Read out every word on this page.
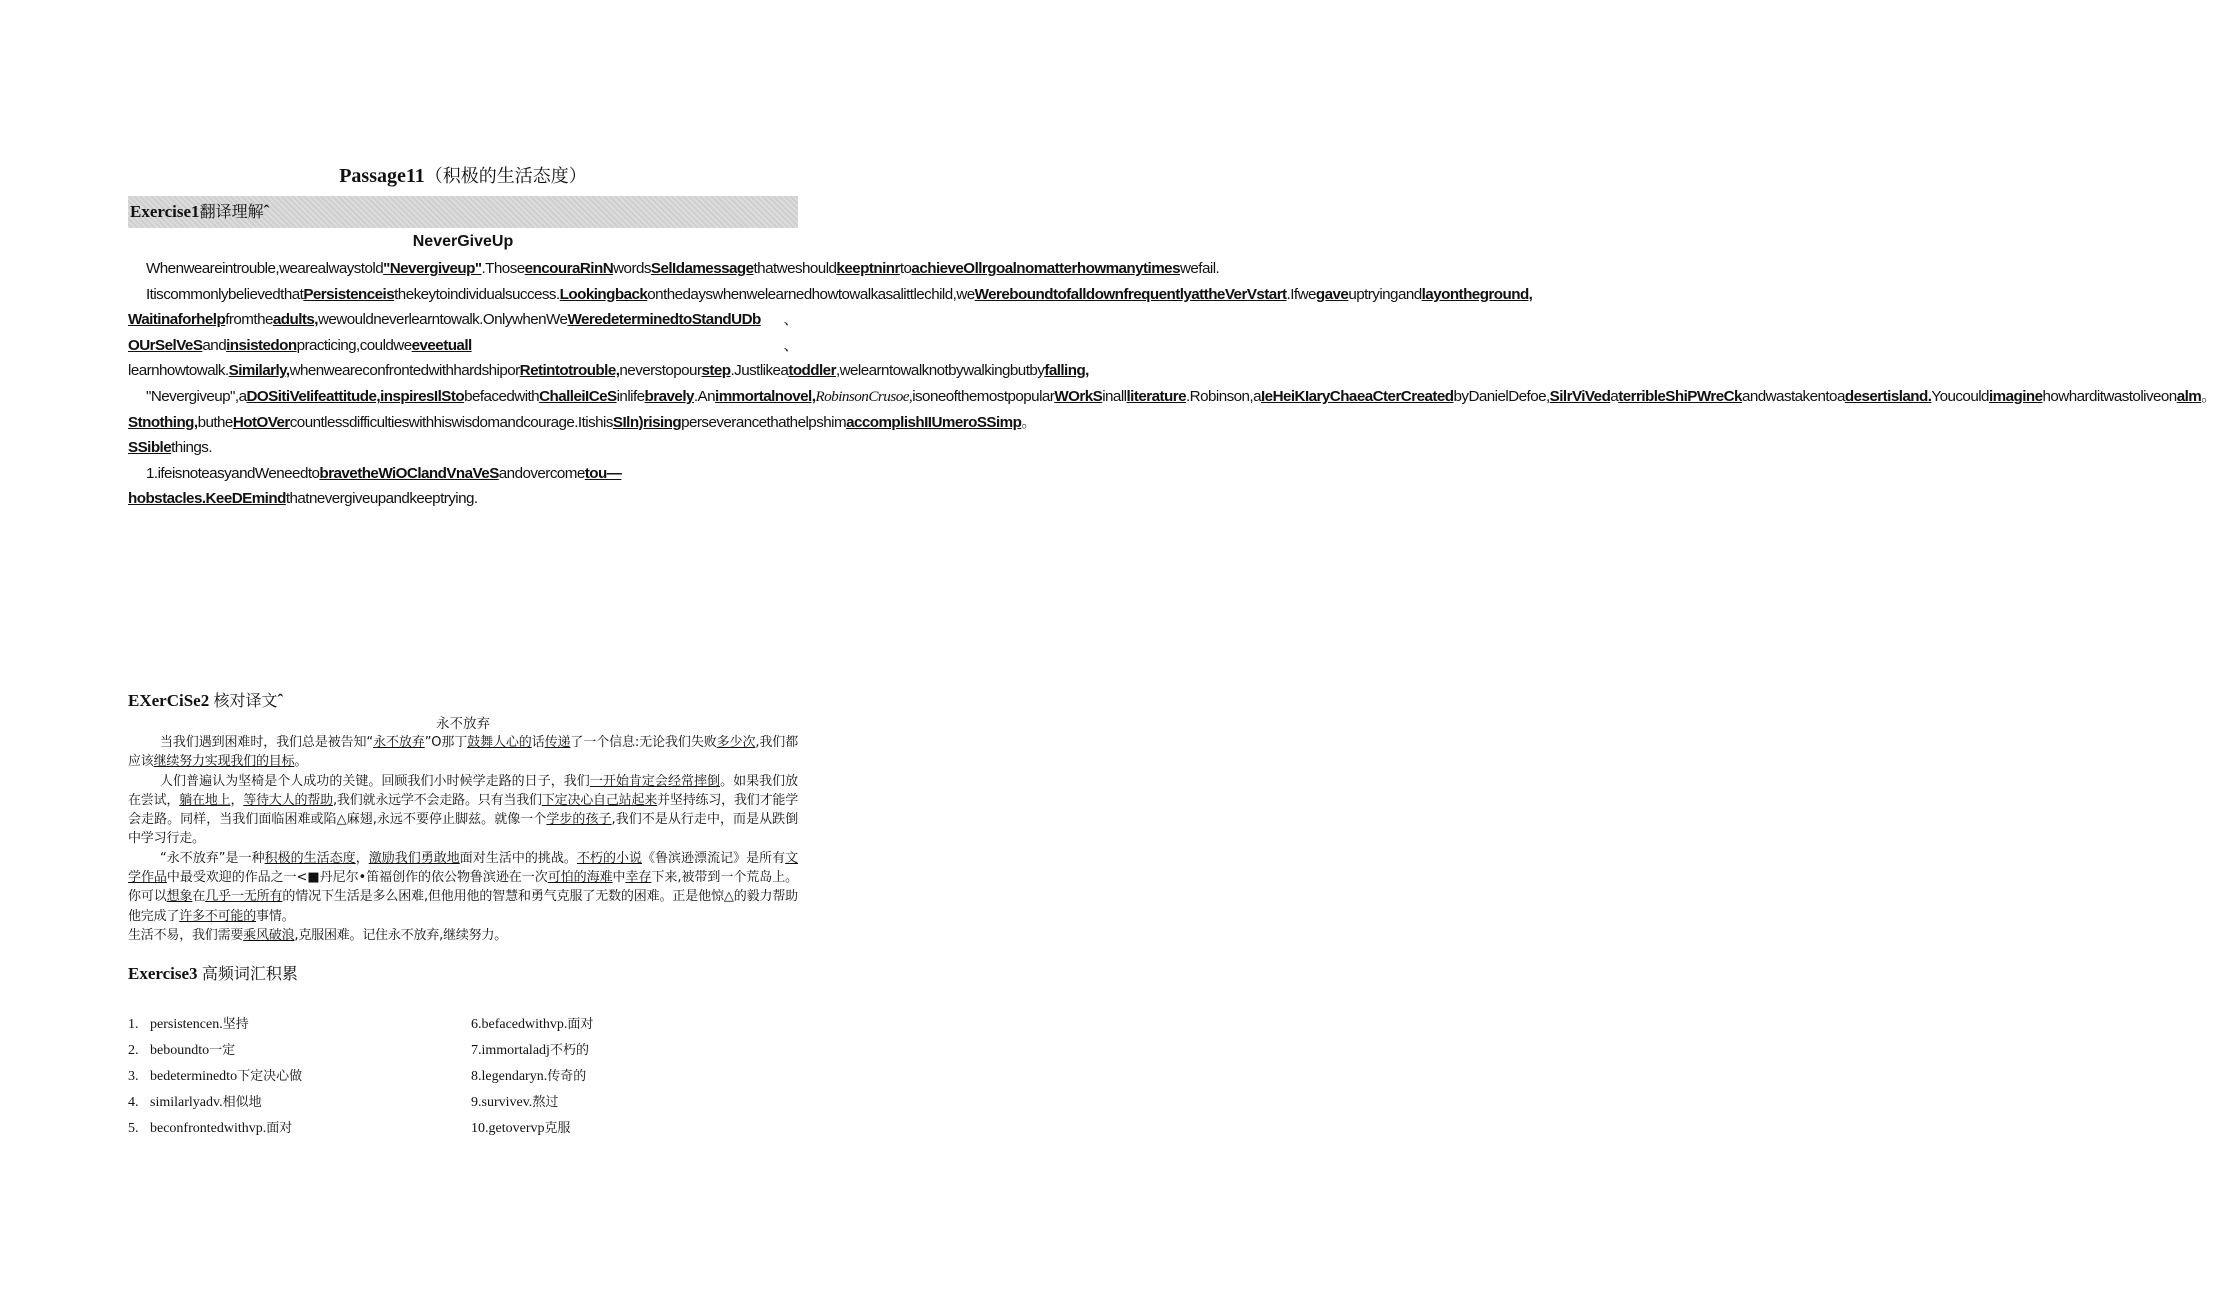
Passage11（积极的生活态度）
Exercise1翻译理解ˆ
NeverGiveUp

Whenweareintrouble,wearealwaystold"Nevergiveup".ThoseencouraRinNwordsSelIdamessagethatweshouldkeeptninrtoachieveOllrgoalnomatterhowmanytimeswefail.

ItiscommonlybelievedthatPersistenceisthekeytoindividualsuccess.Lookingbackonthedayswhenwelearnedhowtowalkasalittlechild,weWereboundtofalldownfrequentlyattheVerVstart.Ifwegaveuptryingandlayontheground, Waitinaforhelpfromtheadults,wewouldneverlearntowalk.OnlywhenWeWeredeterminedtoStandUDb、 OUrSelVeSandinsistedonpracticing,couldweeveetuall、 learnhowtowalk.Similarly,whenweareconfrontedwithhardshiporRetintotrouble,neverstopourstep.Justlikeatoddler,welearntowalknotbywalkingbutbyfalling,

"Nevergiveup",aDOSitiVeIifeattitude,inspiresIlStobefacedwithChalleiICeSinlifebravely.Animmortalnovel,RobinsonCrusoe,isoneofthemostpopularWOrkSinallliterature.Robinson,aIeHeiKIaryChaeaCterCreatedbyDanielDefoe,SilrViVedaterribleShiPWreCkandwastakentoadesertisland.Youcouldimaginehowharditwastoliveonalm。 Stnothing,butheHotOVercountlessdifficultieswithhiswisdomandcourage.ItishisSIln)risingperseverancethathelpshimaccomplishIIUmeroSSimp。 SSiblethings.

1.ifeisnoteasyandWeneedtobravetheWiOClandVnaVeSandovercometou—hobstacles.KeeDEmindthatnevergiveupandkeeptrying.

EXerCiSe2 核对译文ˆ
永不放弃

当我们遇到困难时，我们总是被告知“永不放弃”O那丁鼓舞人心的话传递了一个信息:无论我们失败多少次,我们都应该继续努力实现我们的目标。

人们普遍认为坚椅是个人成功的关键。回顾我们小时候学走路的日子，我们一开始肯定会经常摔倒。如果我们放在尝试，躺在地上，等待大人的帮助,我们就永远学不会走路。只有当我们下定决心自己站起来并坚持练习，我们才能学会走路。同样，当我们面临困难或陷△麻翅,永远不要停止脚兹。就像一个学步的孩子,我们不是从行走中，而是从跌倒中学习行走。

“永不放弃”是一种积极的生活态度，激励我们勇敢地面对生活中的挑战。不朽的小说《鲁滨逊漂流记》是所有文学作品中最受欢迎的作品之一<■丹尼尔•笛福创作的依公物鲁滨逊在一次可怕的海难中幸存下来,被带到一个荒岛上。你可以想象在几乎一无所有的情况下生活是多么困难,但他用他的智慧和勇气克服了无数的困难。正是他惊△的毅力帮助他完成了许多不可能的事情。

生活不易，我们需要乘风破浪,克服困难。记住永不放弃,继续努力。

Exercise3 高频词汇积累
1. persistencen.坚持	6.befacedwithvp.面对
2. beboundto一定	7.immortaladj不朽的
3. bedeterminedto下定决心做	8.legendaryn.传奇的
4. similarlyadv.相似地	9.survivev.熬过
5. beconfrontedwithvp.面对	10.getovervp克服
